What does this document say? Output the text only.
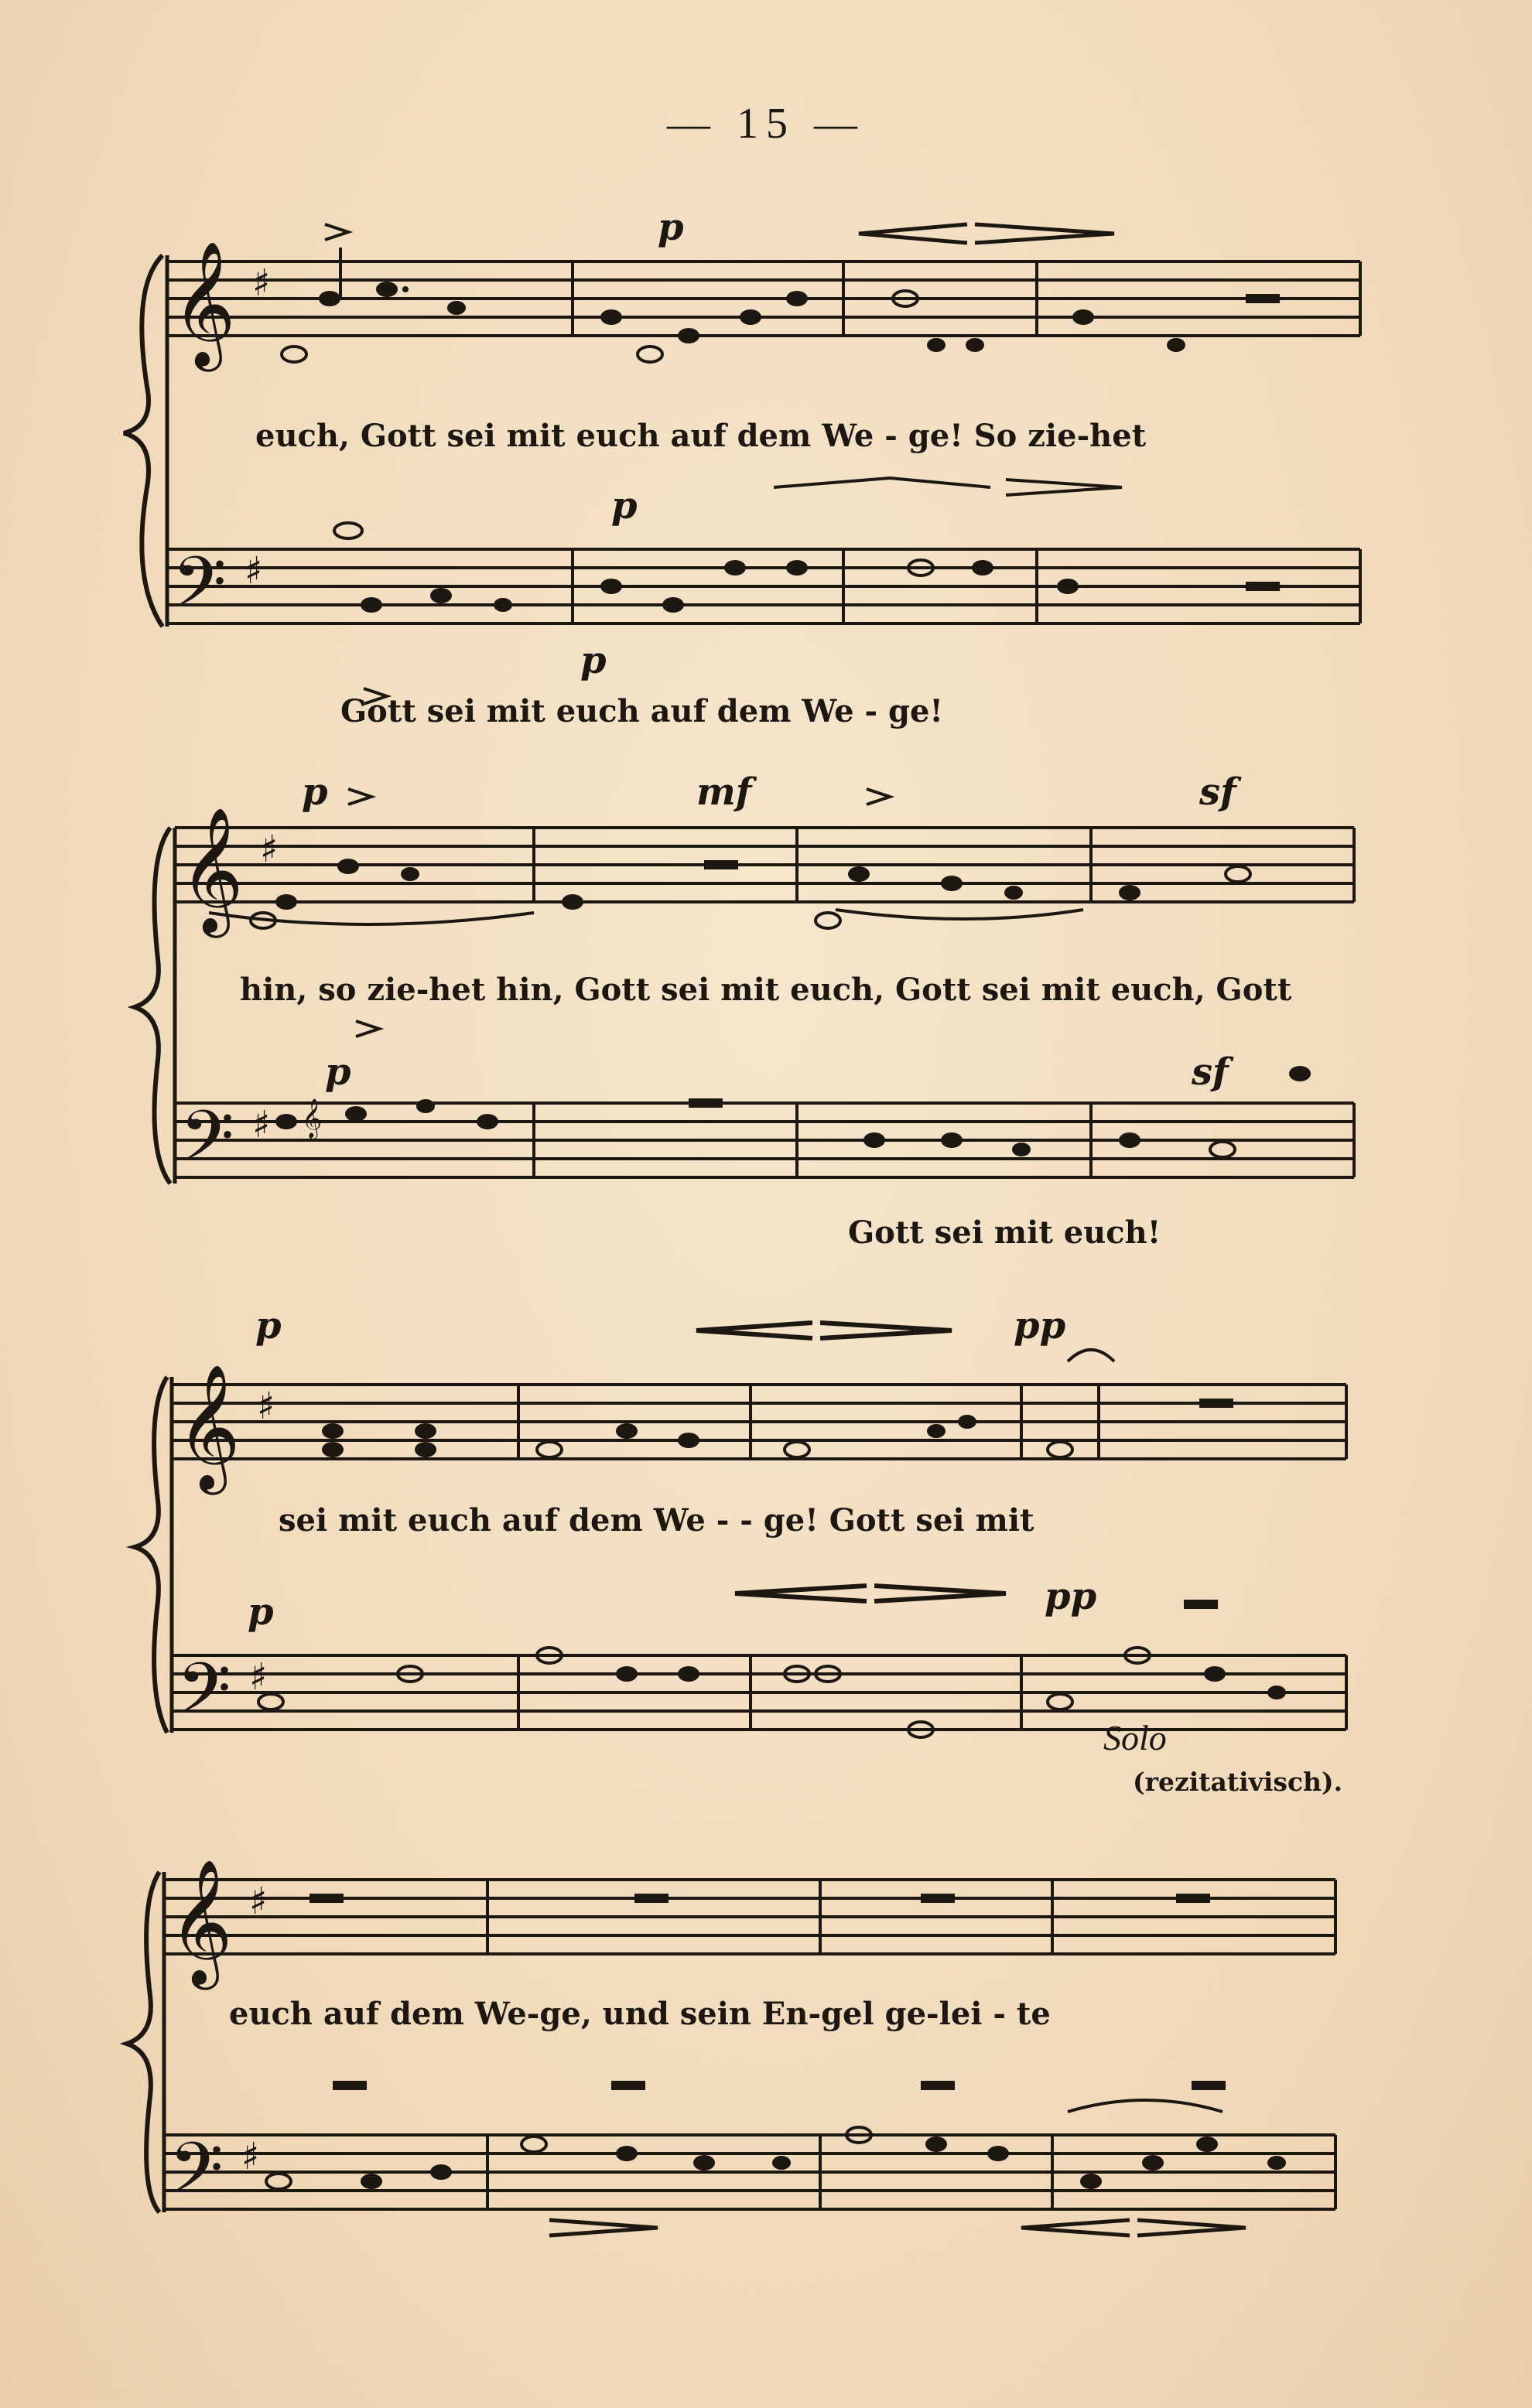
— 15 —
𝄞
𝄢
♯
♯
p
p
p
euch, Gott sei mit euch auf dem We - ge! So zie-het
Gott sei mit euch auf dem We - ge!
𝄞
𝄢
♯
♯ 𝄞
p
p
mf	sf
sf
hin, so zie-het hin, Gott sei mit euch, Gott sei mit euch, Gott
Gott sei mit euch!
𝄞
𝄢
♯
♯
p
p
pp
pp
sei mit euch auf dem We - - ge! Gott sei mit
Solo
(rezitativisch).
𝄞
𝄢
♯
♯
euch auf dem We-ge, und sein En-gel ge-lei - te
